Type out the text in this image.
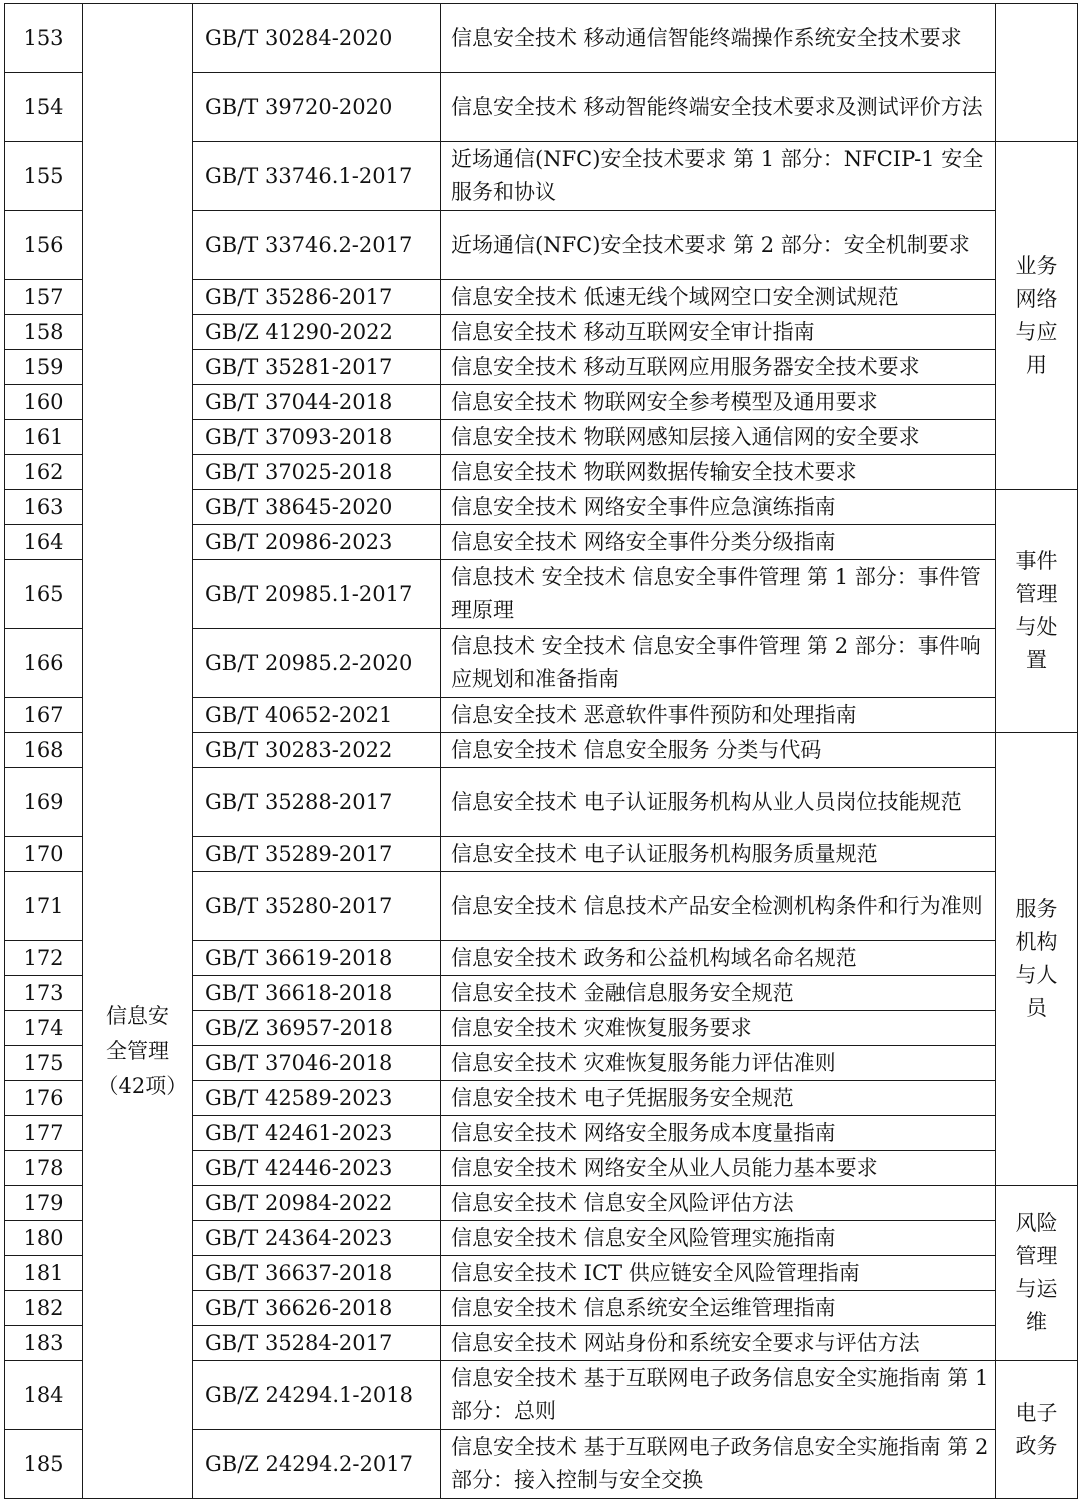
153	信息安全管理（42项）	GB/T 30284-2020	信息安全技术 移动通信智能终端操作系统安全技术要求	
154		GB/T 39720-2020	信息安全技术 移动智能终端安全技术要求及测试评价方法	
155		GB/T 33746.1-2017	近场通信(NFC)安全技术要求 第 1 部分：NFCIP-1 安全服务和协议	业务网络与应用
156		GB/T 33746.2-2017	近场通信(NFC)安全技术要求 第 2 部分：安全机制要求	
157		GB/T 35286-2017	信息安全技术 低速无线个域网空口安全测试规范	
158		GB/Z 41290-2022	信息安全技术 移动互联网安全审计指南	
159		GB/T 35281-2017	信息安全技术 移动互联网应用服务器安全技术要求	
160		GB/T 37044-2018	信息安全技术 物联网安全参考模型及通用要求	
161		GB/T 37093-2018	信息安全技术 物联网感知层接入通信网的安全要求	
162		GB/T 37025-2018	信息安全技术 物联网数据传输安全技术要求	
163		GB/T 38645-2020	信息安全技术 网络安全事件应急演练指南	事件管理与处置
164		GB/T 20986-2023	信息安全技术 网络安全事件分类分级指南	
165		GB/T 20985.1-2017	信息技术 安全技术 信息安全事件管理 第 1 部分：事件管理原理	
166		GB/T 20985.2-2020	信息技术 安全技术 信息安全事件管理 第 2 部分：事件响应规划和准备指南	
167		GB/T 40652-2021	信息安全技术 恶意软件事件预防和处理指南	
168		GB/T 30283-2022	信息安全技术 信息安全服务 分类与代码	服务机构与人员
169		GB/T 35288-2017	信息安全技术 电子认证服务机构从业人员岗位技能规范	
170		GB/T 35289-2017	信息安全技术 电子认证服务机构服务质量规范	
171		GB/T 35280-2017	信息安全技术 信息技术产品安全检测机构条件和行为准则	
172		GB/T 36619-2018	信息安全技术 政务和公益机构域名命名规范	
173		GB/T 36618-2018	信息安全技术 金融信息服务安全规范	
174		GB/Z 36957-2018	信息安全技术 灾难恢复服务要求	
175		GB/T 37046-2018	信息安全技术 灾难恢复服务能力评估准则	
176		GB/T 42589-2023	信息安全技术 电子凭据服务安全规范	
177		GB/T 42461-2023	信息安全技术 网络安全服务成本度量指南	
178		GB/T 42446-2023	信息安全技术 网络安全从业人员能力基本要求	
179		GB/T 20984-2022	信息安全技术 信息安全风险评估方法	风险管理与运维
180		GB/T 24364-2023	信息安全技术 信息安全风险管理实施指南	
181		GB/T 36637-2018	信息安全技术 ICT 供应链安全风险管理指南	
182		GB/T 36626-2018	信息安全技术 信息系统安全运维管理指南	
183		GB/T 35284-2017	信息安全技术 网站身份和系统安全要求与评估方法	
184		GB/Z 24294.1-2018	信息安全技术 基于互联网电子政务信息安全实施指南 第 1 部分：总则	电子政务
185		GB/Z 24294.2-2017	信息安全技术 基于互联网电子政务信息安全实施指南 第 2 部分：接入控制与安全交换	
